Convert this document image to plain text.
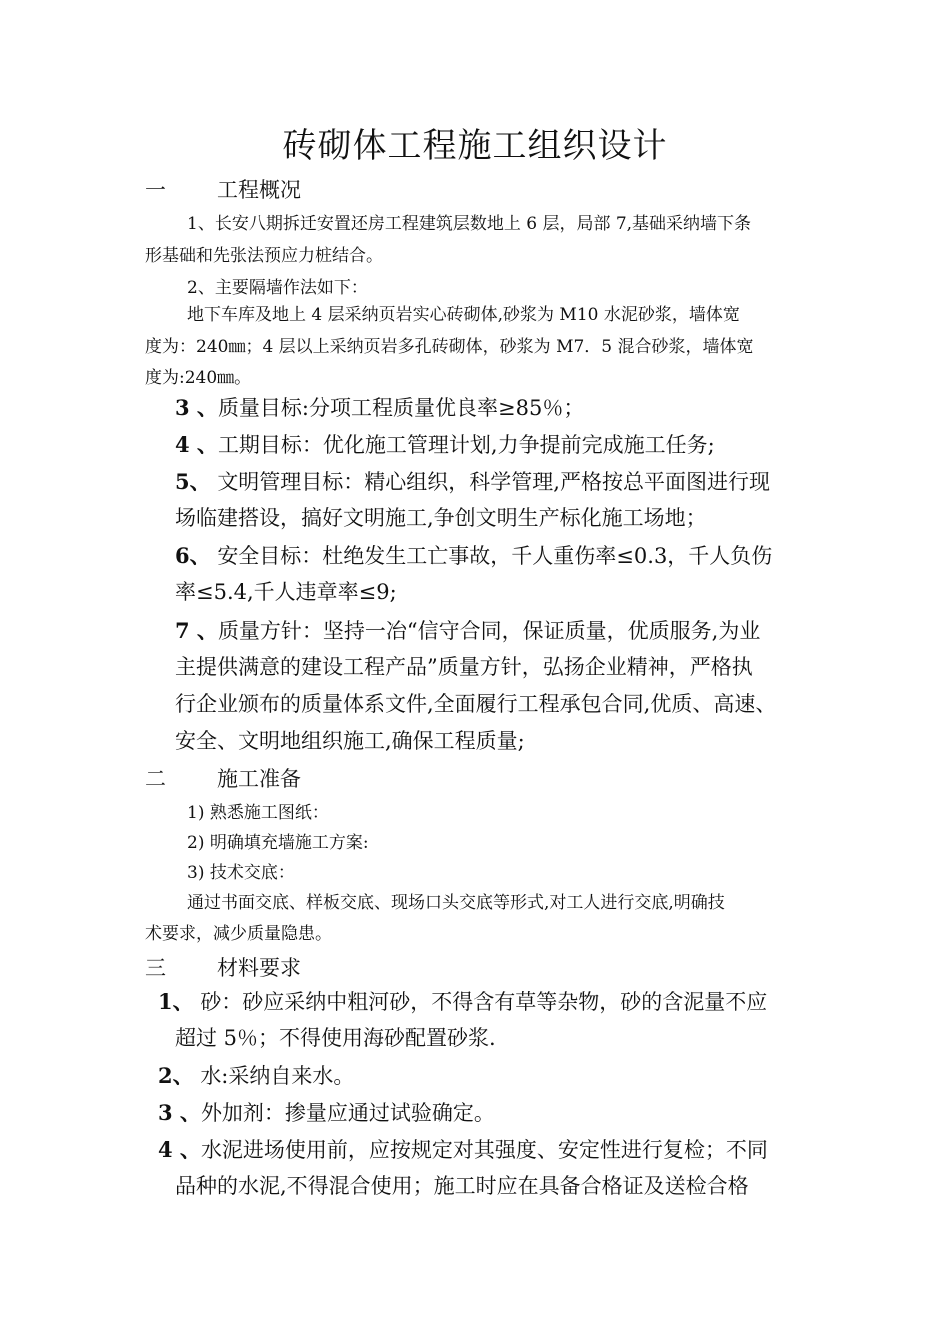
砖砌体工程施工组织设计
一 工程概况
1、长安八期拆迁安置还房工程建筑层数地上 6 层，局部 7,基础采纳墙下条
形基础和先张法预应力桩结合。
2、主要隔墙作法如下：
地下车库及地上 4 层采纳页岩实心砖砌体,砂浆为 M10 水泥砂浆，墙体宽
度为：240㎜；4 层以上采纳页岩多孔砖砌体，砂浆为 M7．5 混合砂浆，墙体宽
度为:240㎜。
3 、质量目标:分项工程质量优良率≥85％；
4 、工期目标：优化施工管理计划,力争提前完成施工任务;
5、 文明管理目标：精心组织，科学管理,严格按总平面图进行现
场临建搭设，搞好文明施工,争创文明生产标化施工场地；
6、 安全目标：杜绝发生工亡事故，千人重伤率≤0.3，千人负伤
率≤5.4,千人违章率≤9;
7 、质量方针：坚持一冶“信守合同，保证质量，优质服务,为业
主提供满意的建设工程产品”质量方针，弘扬企业精神，严格执
行企业颁布的质量体系文件,全面履行工程承包合同,优质、高速、
安全、文明地组织施工,确保工程质量;
二 施工准备
1) 熟悉施工图纸：
2) 明确填充墙施工方案:
3) 技术交底：
通过书面交底、样板交底、现场口头交底等形式,对工人进行交底,明确技
术要求，减少质量隐患。
三 材料要求
1、 砂：砂应采纳中粗河砂，不得含有草等杂物，砂的含泥量不应
超过 5％；不得使用海砂配置砂浆.
2、 水:采纳自来水。
3 、外加剂：掺量应通过试验确定。
4 、水泥进场使用前，应按规定对其强度、安定性进行复检；不同
品种的水泥,不得混合使用；施工时应在具备合格证及送检合格
